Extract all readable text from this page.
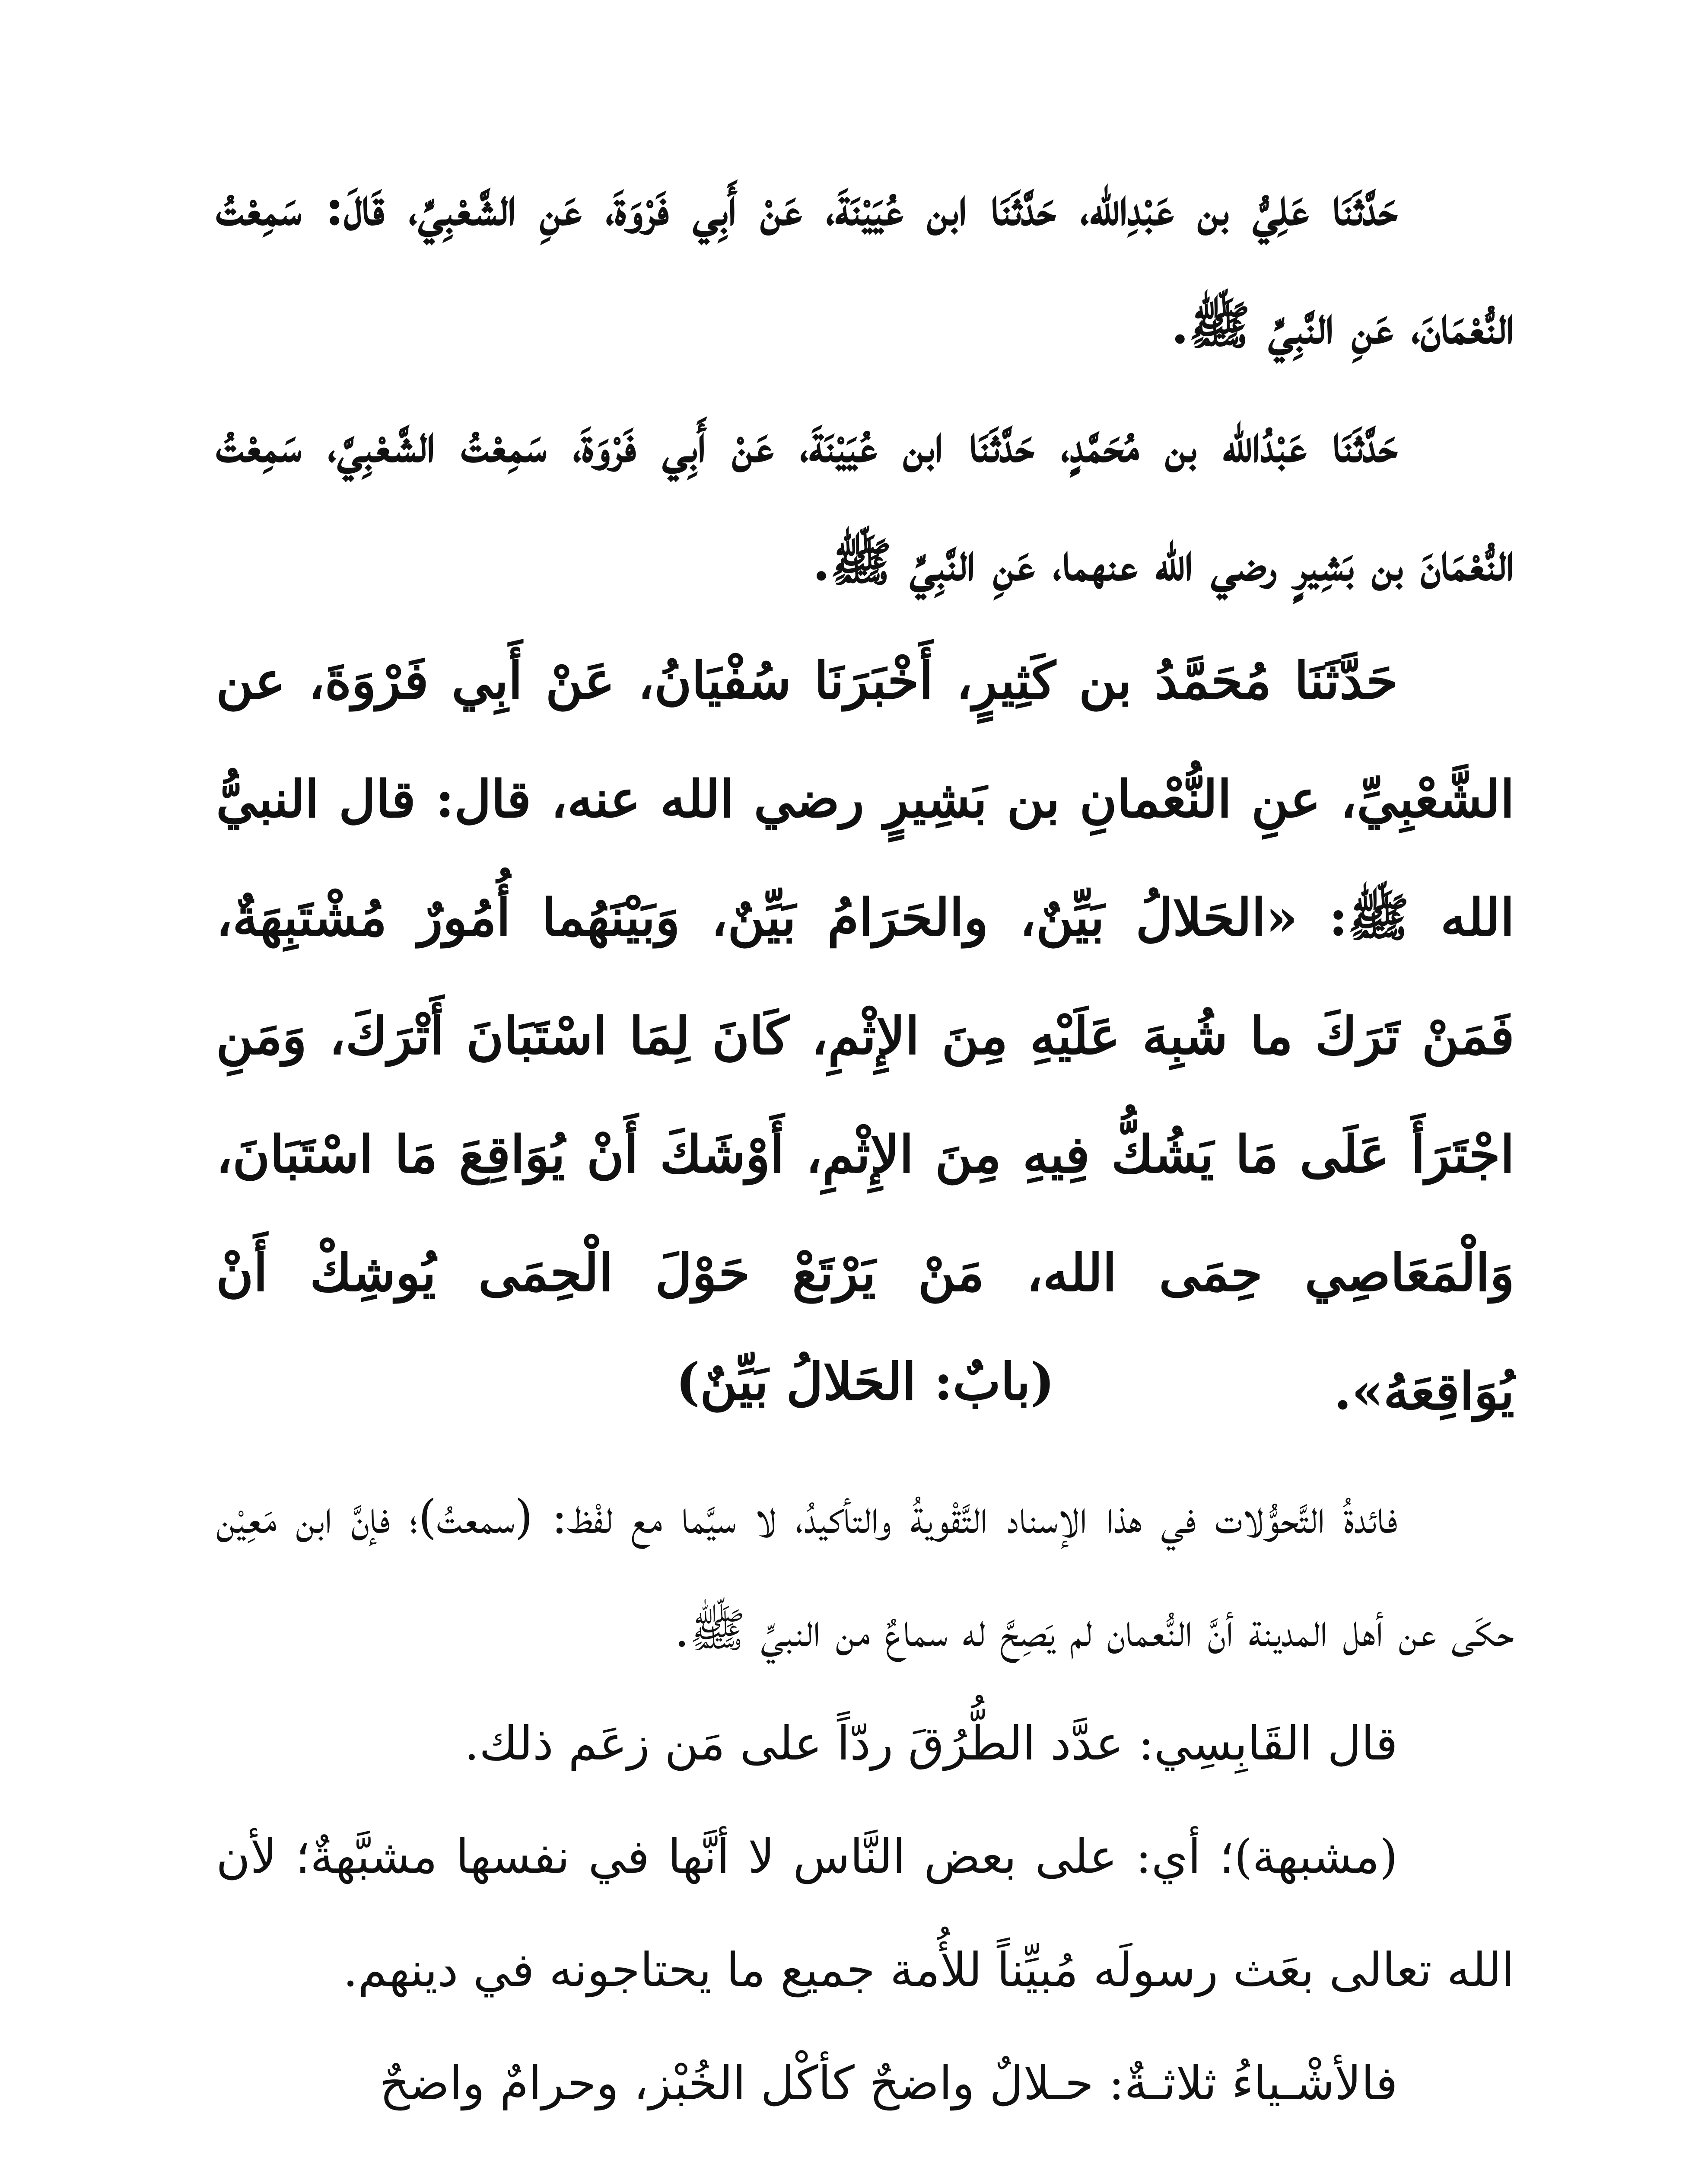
حَدَّثَنَا عَلِيُّ بن عَبْدِالله، حَدَّثَنَا ابن عُيَيْنَةَ، عَنْ أَبِي فَرْوَةَ، عَنِ الشَّعْبِيِّ، قَالَ: سَمِعْتُ النُّعْمَانَ، عَنِ النَّبِيِّ ﷺ.

حَدَّثَنَا عَبْدُالله بن مُحَمَّدٍ، حَدَّثَنَا ابن عُيَيْنَةَ، عَنْ أَبِي فَرْوَةَ، سَمِعْتُ الشَّعْبِيَّ، سَمِعْتُ النُّعْمَانَ بن بَشِيرٍ رضي الله عنهما، عَنِ النَّبِيِّ ﷺ.

حَدَّثَنَا مُحَمَّدُ بن كَثِيرٍ، أَخْبَرَنَا سُفْيَانُ، عَنْ أَبِي فَرْوَةَ، عن الشَّعْبِيِّ، عنِ النُّعْمانِ بن بَشِيرٍ رضي الله عنه، قال: قال النبيُّ الله ﷺ: «الحَلالُ بَيِّنٌ، والحَرَامُ بَيِّنٌ، وَبَيْنَهُما أُمُورٌ مُشْتَبِهَةٌ، فَمَنْ تَرَكَ ما شُبِهَ عَلَيْهِ مِنَ الإِثْمِ، كَانَ لِمَا اسْتَبَانَ أَتْرَكَ، وَمَنِ اجْتَرَأَ عَلَى مَا يَشُكُّ فِيهِ مِنَ الإِثْمِ، أَوْشَكَ أَنْ يُوَاقِعَ مَا اسْتَبَانَ، وَالْمَعَاصِي حِمَى الله، مَنْ يَرْتَعْ حَوْلَ الْحِمَى يُوشِكْ أَنْ يُوَاقِعَهُ».

(بابٌ: الحَلالُ بَيِّنٌ)

فائدةُ التَّحوُّلات في هذا الإسناد التَّقْويةُ والتأكيدُ، لا سيَّما مع لفْظ: (سمعتُ)؛ فإنَّ ابن مَعِيْن حكَى عن أهل المدينة أنَّ النُّعمان لم يَصِحَّ له سماعٌ من النبيِّ ﷺ.

قال القَابِسِي: عدَّد الطُّرُقَ ردّاً على مَن زعَم ذلك.

(مشبهة)؛ أي: على بعض النَّاس لا أنَّها في نفسها مشبَّهةٌ؛ لأن الله تعالى بعَث رسولَه مُبيِّناً للأُمة جميع ما يحتاجونه في دينهم.

فالأشْـياءُ ثلاثـةٌ: حـلالٌ واضحٌ كأكْل الخُبْز، وحرامٌ واضحٌ
